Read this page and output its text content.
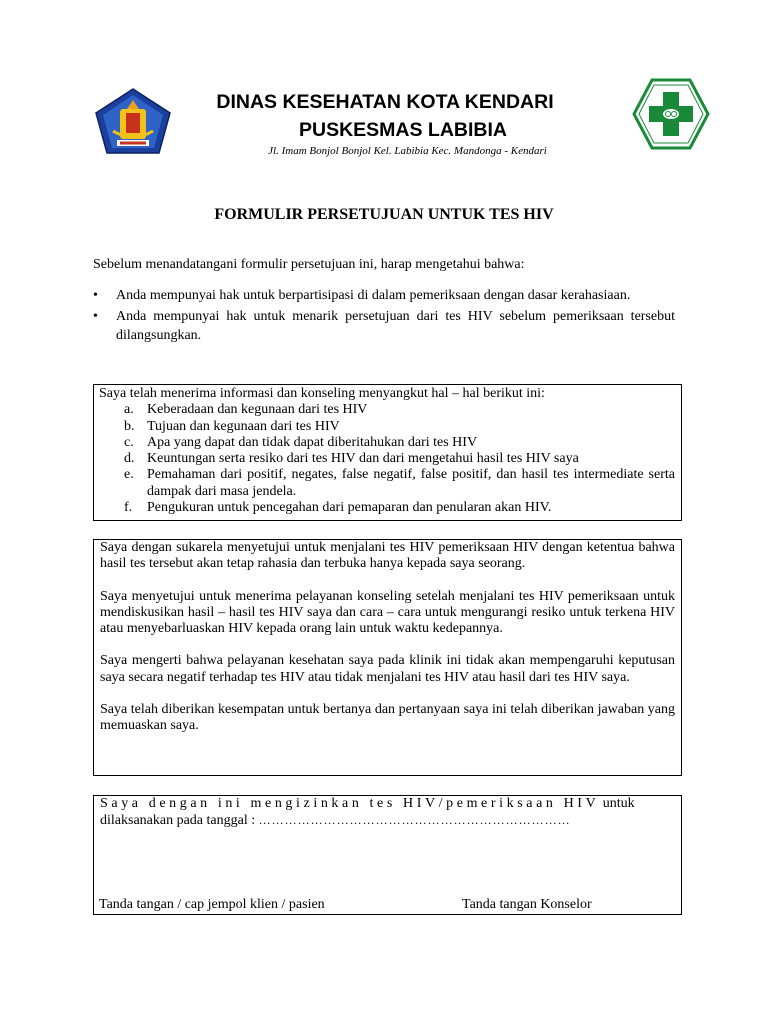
DINAS KESEHATAN KOTA KENDARI
PUSKESMAS LABIBIA
Jl. Imam Bonjol Bonjol Kel. Labibia Kec. Mandonga - Kendari
FORMULIR PERSETUJUAN UNTUK TES HIV
Sebelum menandatangani formulir persetujuan ini, harap mengetahui bahwa:
• Anda mempunyai hak untuk berpartisipasi di dalam pemeriksaan dengan dasar kerahasiaan.
• Anda mempunyai hak untuk menarik persetujuan dari tes HIV sebelum pemeriksaan tersebut dilangsungkan.
Saya telah menerima informasi dan konseling menyangkut hal – hal berikut ini:
a. Keberadaan dan kegunaan dari tes HIV
b. Tujuan dan kegunaan dari tes HIV
c. Apa yang dapat dan tidak dapat diberitahukan dari tes HIV
d. Keuntungan serta resiko dari tes HIV dan dari mengetahui hasil tes HIV saya
e. Pemahaman dari positif, negates, false negatif, false positif, dan hasil tes intermediate serta dampak dari masa jendela.
f. Pengukuran untuk pencegahan dari pemaparan dan penularan akan HIV.

Saya dengan sukarela menyetujui untuk menjalani tes HIV pemeriksaan HIV dengan ketentua bahwa hasil tes tersebut akan tetap rahasia dan terbuka hanya kepada saya seorang.

Saya menyetujui untuk menerima pelayanan konseling setelah menjalani tes HIV pemeriksaan untuk mendiskusikan hasil – hasil tes HIV saya dan cara – cara untuk mengurangi resiko untuk terkena HIV atau menyebarluaskan HIV kepada orang lain untuk waktu kedepannya.

Saya mengerti bahwa pelayanan kesehatan saya pada klinik ini tidak akan mempengaruhi keputusan saya secara negatif terhadap tes HIV atau tidak menjalani tes HIV atau hasil dari tes HIV saya.

Saya telah diberikan kesempatan untuk bertanya dan pertanyaan saya ini telah diberikan jawaban yang memuaskan saya.

Saya dengan ini mengizinkan tes HIV/pemeriksaan HIV untuk
dilaksanakan pada tanggal : ………………………………………………………………
Tanda tangan / cap jempol klien / pasien	Tanda tangan Konselor
